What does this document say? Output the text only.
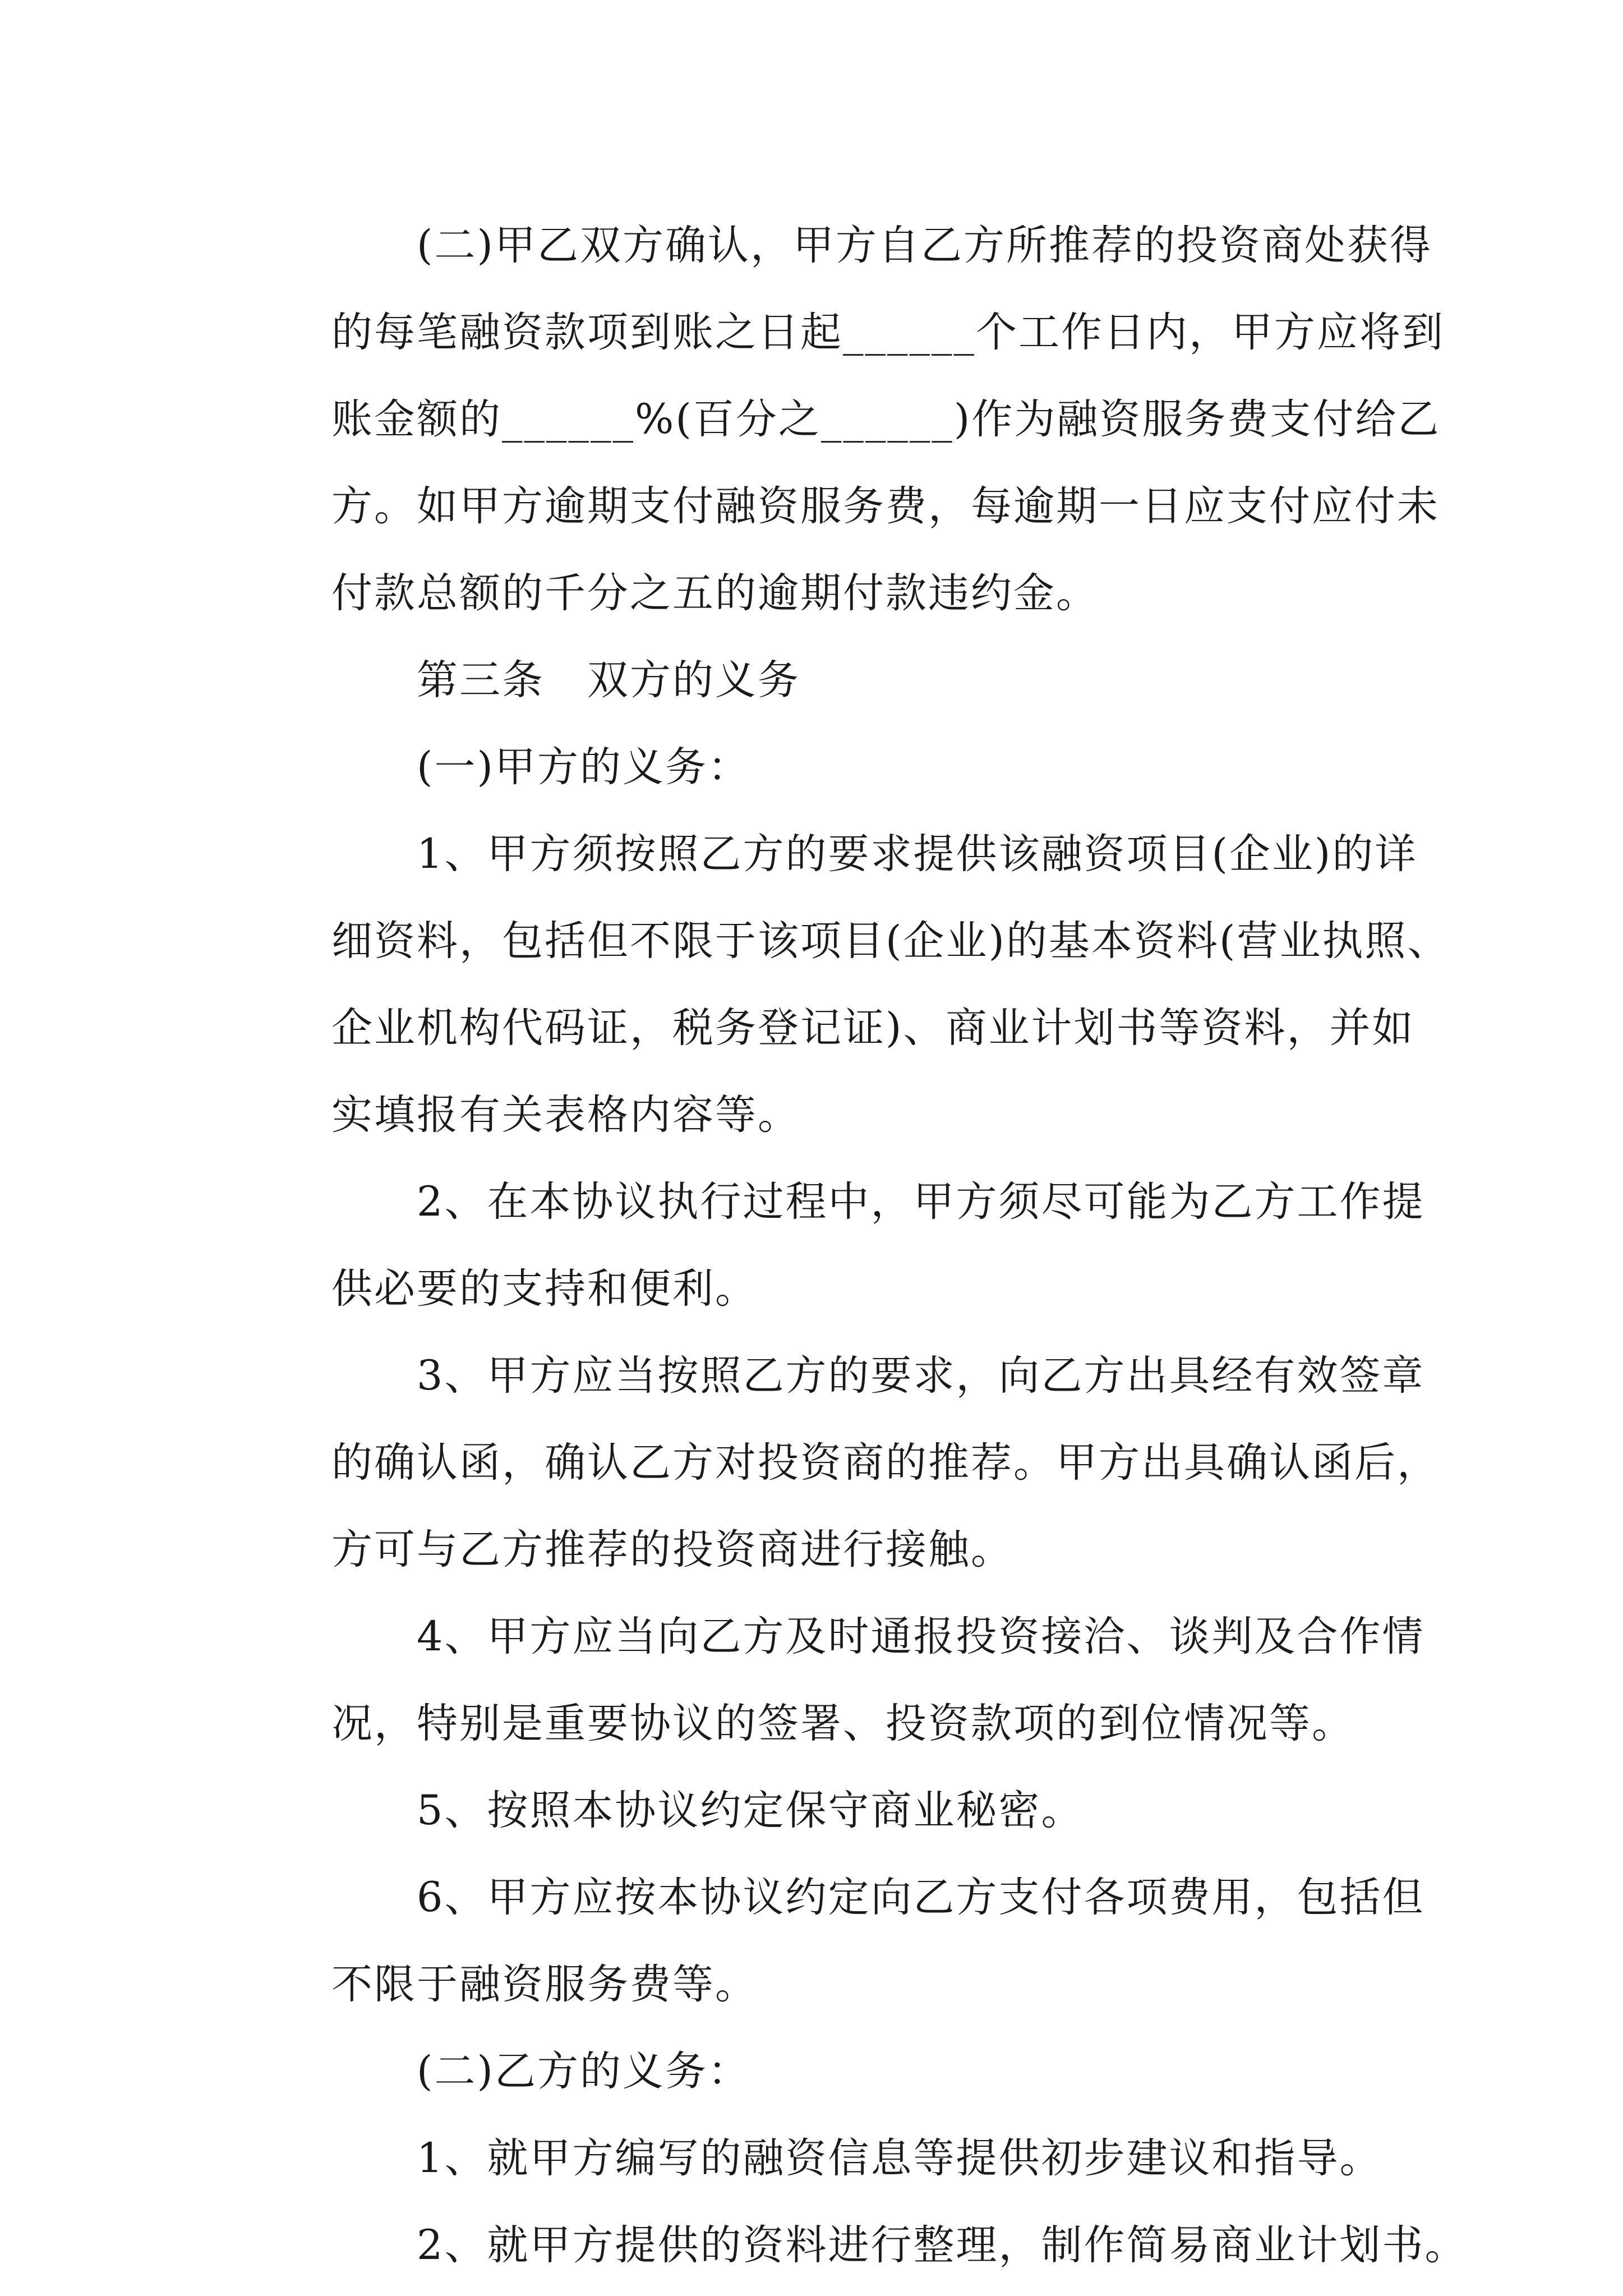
(二)甲乙双方确认，甲方自乙方所推荐的投资商处获得
的每笔融资款项到账之日起______个工作日内，甲方应将到
账金额的______%(百分之______)作为融资服务费支付给乙
方。如甲方逾期支付融资服务费，每逾期一日应支付应付未
付款总额的千分之五的逾期付款违约金。
第三条　双方的义务
(一)甲方的义务：
1、甲方须按照乙方的要求提供该融资项目(企业)的详
细资料，包括但不限于该项目(企业)的基本资料(营业执照、
企业机构代码证，税务登记证)、商业计划书等资料，并如
实填报有关表格内容等。
2、在本协议执行过程中，甲方须尽可能为乙方工作提
供必要的支持和便利。
3、甲方应当按照乙方的要求，向乙方出具经有效签章
的确认函，确认乙方对投资商的推荐。甲方出具确认函后，
方可与乙方推荐的投资商进行接触。
4、甲方应当向乙方及时通报投资接洽、谈判及合作情
况，特别是重要协议的签署、投资款项的到位情况等。
5、按照本协议约定保守商业秘密。
6、甲方应按本协议约定向乙方支付各项费用，包括但
不限于融资服务费等。
(二)乙方的义务：
1、就甲方编写的融资信息等提供初步建议和指导。
2、就甲方提供的资料进行整理，制作简易商业计划书。
